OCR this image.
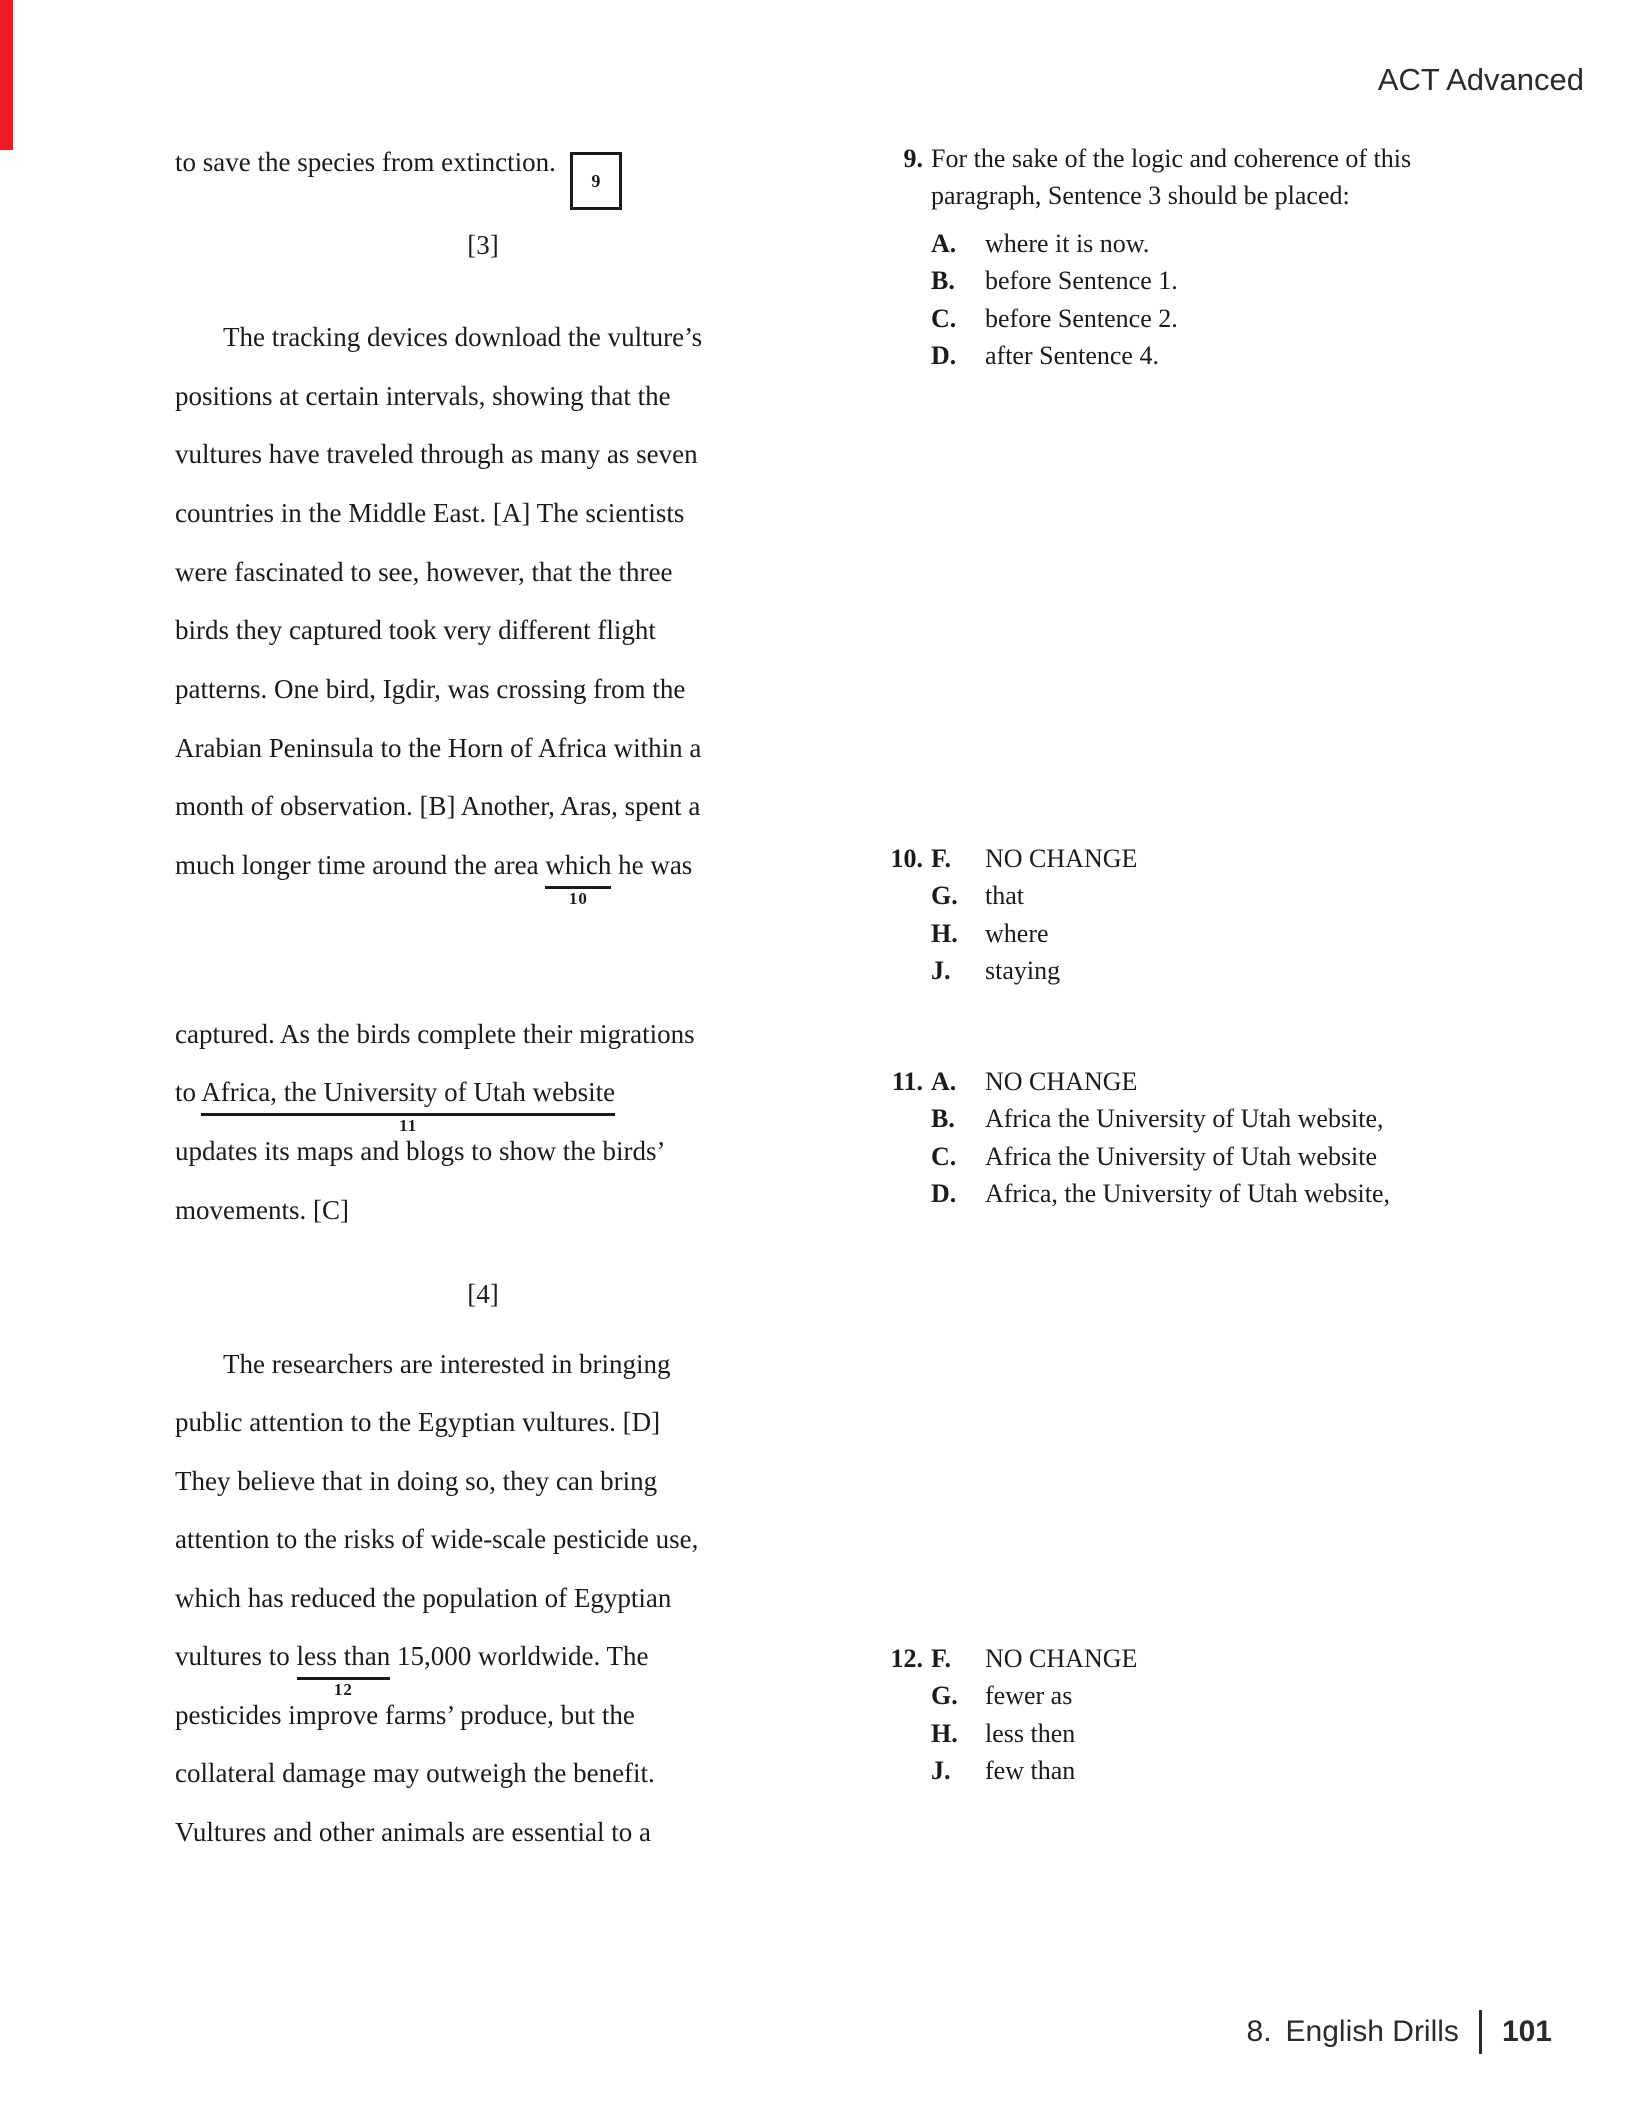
ACT Advanced
to save the species from extinction.
9
[3]
The tracking devices download the vulture’s
positions at certain intervals, showing that the
vultures have traveled through as many as seven
countries in the Middle East. [A] The scientists
were fascinated to see, however, that the three
birds they captured took very different flight
patterns. One bird, Igdir, was crossing from the
Arabian Peninsula to the Horn of Africa within a
month of observation. [B] Another, Aras, spent a
much longer time around the area which
10
he was
captured. As the birds complete their migrations
to Africa, the University of Utah website
11
updates its maps and blogs to show the birds’
movements. [C]
[4]
The researchers are interested in bringing
public attention to the Egyptian vultures. [D]
They believe that in doing so, they can bring
attention to the risks of wide-scale pesticide use,
which has reduced the population of Egyptian
vultures to less than
12
15,000 worldwide. The
pesticides improve farms’ produce, but the
collateral damage may outweigh the benefit.
Vultures and other animals are essential to a
9. For the sake of the logic and coherence of this paragraph, Sentence 3 should be placed:
A.	where it is now.
B.	before Sentence 1.
C.	before Sentence 2.
D.	after Sentence 4.
10. F.	NO CHANGE
G.	that
H.	where
J.	staying
11. A.	NO CHANGE
B.	Africa the University of Utah website,
C.	Africa the University of Utah website
D.	Africa, the University of Utah website,
12. F.	NO CHANGE
G.	fewer as
H.	less then
J.	few than
8. English Drills 101
